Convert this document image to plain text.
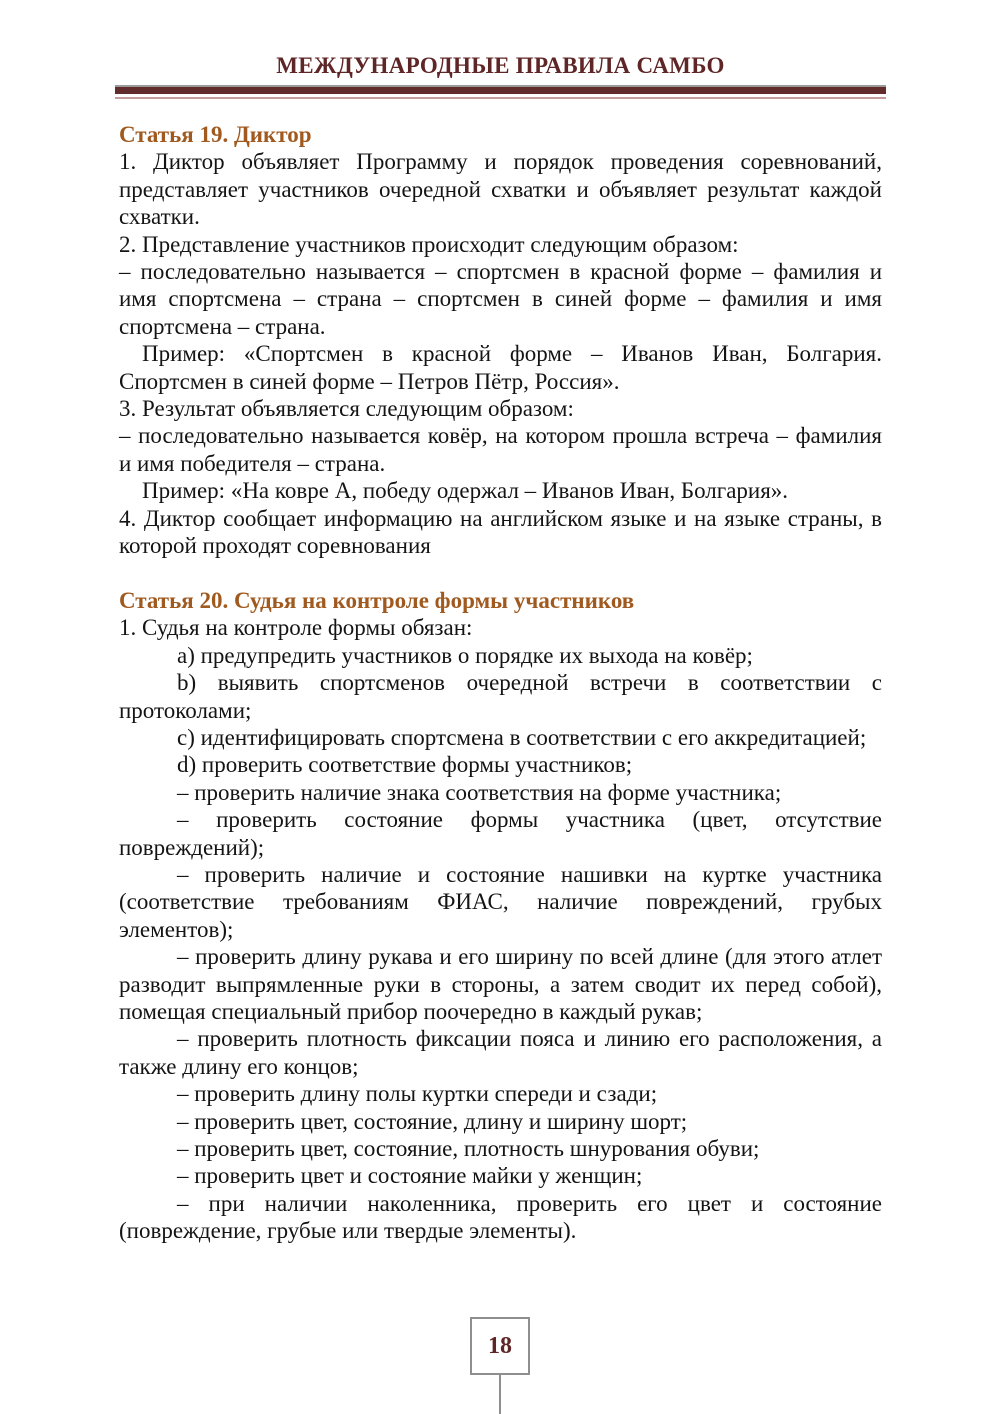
МЕЖДУНАРОДНЫЕ ПРАВИЛА САМБО
Статья 19. Диктор

1. Диктор объявляет Программу и порядок проведения соревнований, представляет участников очередной схватки и объявляет результат каждой схватки.

2. Представление участников происходит следующим образом:

– последовательно называется – спортсмен в красной форме – фамилия и имя спортсмена – страна – спортсмен в синей форме – фамилия и имя спортсмена – страна.

Пример: «Спортсмен в красной форме – Иванов Иван, Болгария. Спортсмен в синей форме – Петров Пётр, Россия».

3. Результат объявляется следующим образом:

– последовательно называется ковёр, на котором прошла встреча – фамилия и имя победителя – страна.

Пример: «На ковре А, победу одержал – Иванов Иван, Болгария».

4. Диктор сообщает информацию на английском языке и на языке страны, в которой проходят соревнования

Статья 20. Судья на контроле формы участников

1. Судья на контроле формы обязан:

a) предупредить участников о порядке их выхода на ковёр;

b) выявить спортсменов очередной встречи в соответствии с протоколами;

c) идентифицировать спортсмена в соответствии с его аккредитацией;

d) проверить соответствие формы участников;

– проверить наличие знака соответствия на форме участника;

– проверить состояние формы участника (цвет, отсутствие повреждений);

– проверить наличие и состояние нашивки на куртке участника (соответствие требованиям ФИАС, наличие повреждений, грубых элементов);

– проверить длину рукава и его ширину по всей длине (для этого атлет разводит выпрямленные руки в стороны, а затем сводит их перед собой), помещая специальный прибор поочередно в каждый рукав;

– проверить плотность фиксации пояса и линию его расположения, а также длину его концов;

– проверить длину полы куртки спереди и сзади;

– проверить цвет, состояние, длину и ширину шорт;

– проверить цвет, состояние, плотность шнурования обуви;

– проверить цвет и состояние майки у женщин;

– при наличии наколенника, проверить его цвет и состояние (повреждение, грубые или твердые элементы).

18
